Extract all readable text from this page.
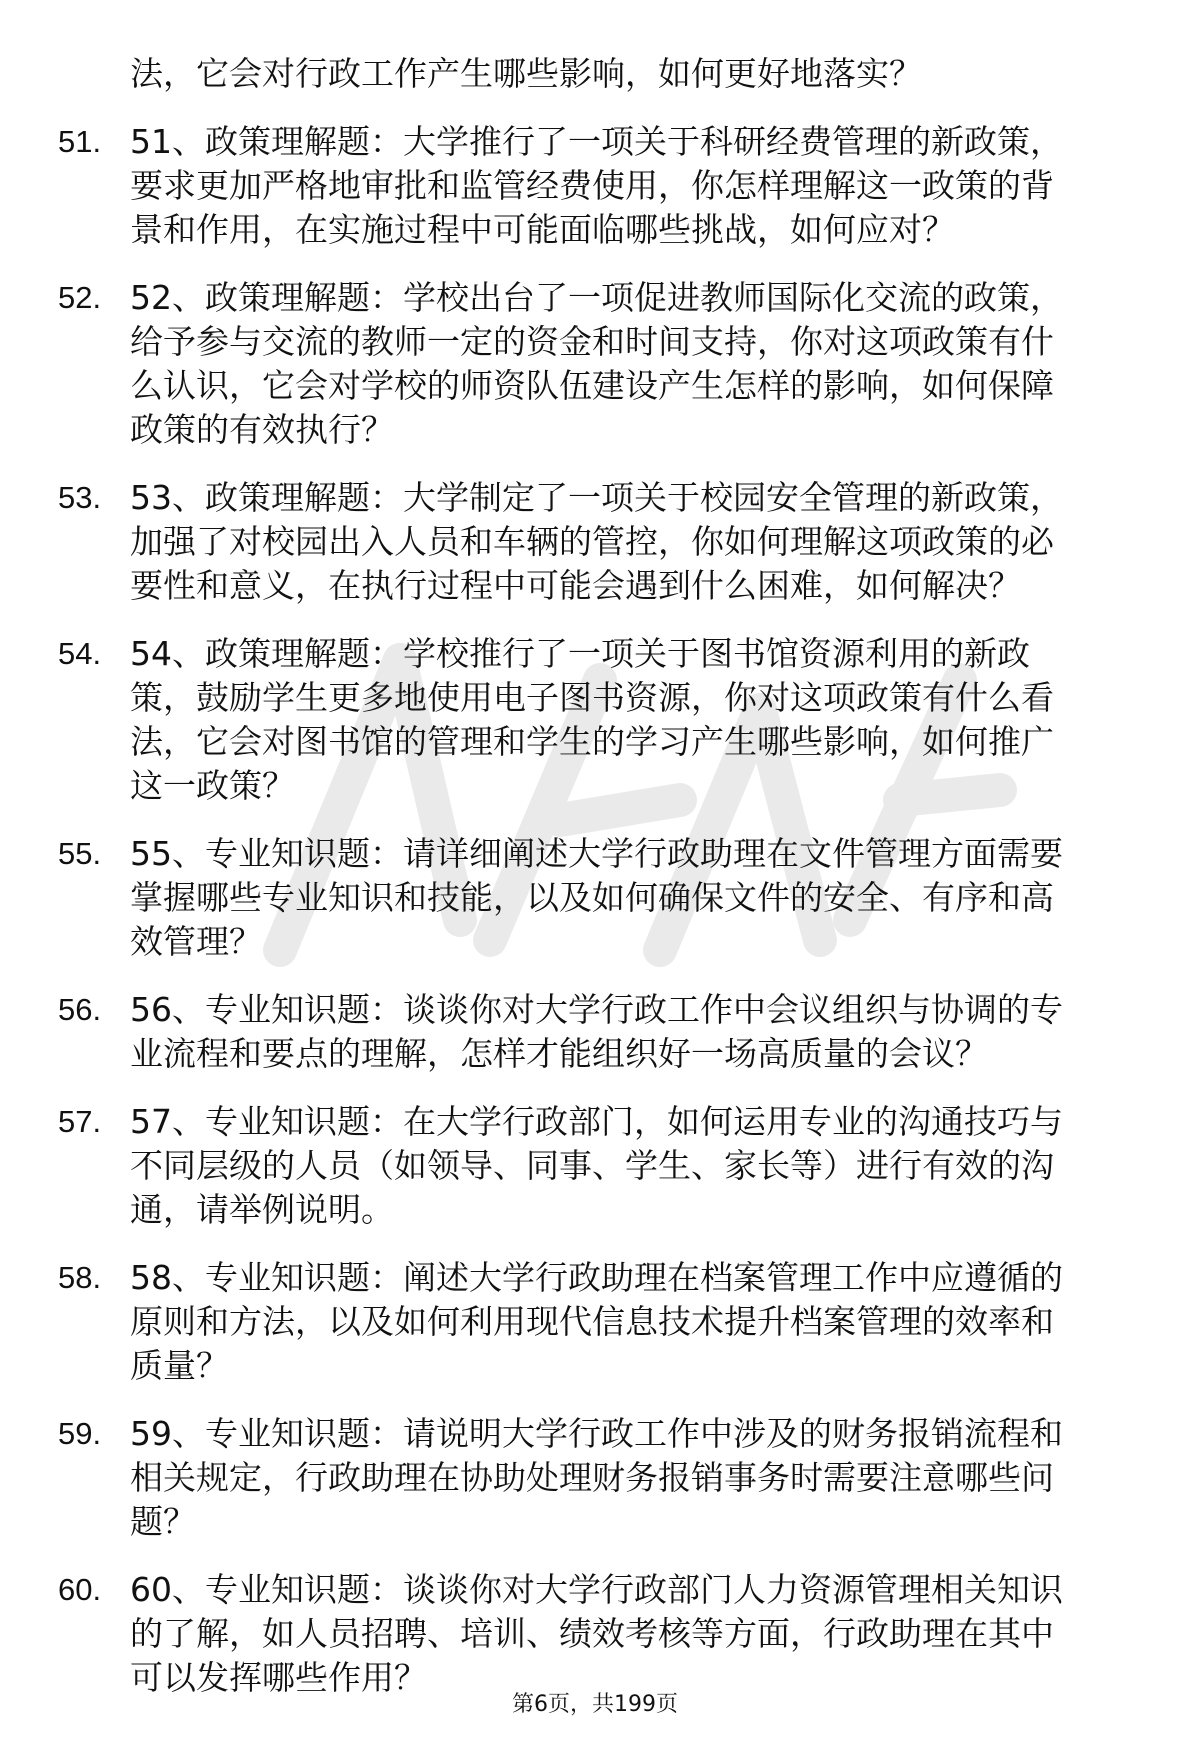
法，它会对行政工作产生哪些影响，如何更好地落实？
51. 51、政策理解题：大学推行了一项关于科研经费管理的新政策，
要求更加严格地审批和监管经费使用，你怎样理解这一政策的背
景和作用，在实施过程中可能面临哪些挑战，如何应对？
52. 52、政策理解题：学校出台了一项促进教师国际化交流的政策，
给予参与交流的教师一定的资金和时间支持，你对这项政策有什
么认识，它会对学校的师资队伍建设产生怎样的影响，如何保障
政策的有效执行？
53. 53、政策理解题：大学制定了一项关于校园安全管理的新政策，
加强了对校园出入人员和车辆的管控，你如何理解这项政策的必
要性和意义，在执行过程中可能会遇到什么困难，如何解决？
54. 54、政策理解题：学校推行了一项关于图书馆资源利用的新政
策，鼓励学生更多地使用电子图书资源，你对这项政策有什么看
法，它会对图书馆的管理和学生的学习产生哪些影响，如何推广
这一政策？
55. 55、专业知识题：请详细阐述大学行政助理在文件管理方面需要
掌握哪些专业知识和技能，以及如何确保文件的安全、有序和高
效管理？
56. 56、专业知识题：谈谈你对大学行政工作中会议组织与协调的专
业流程和要点的理解，怎样才能组织好一场高质量的会议？
57. 57、专业知识题：在大学行政部门，如何运用专业的沟通技巧与
不同层级的人员（如领导、同事、学生、家长等）进行有效的沟
通，请举例说明。
58. 58、专业知识题：阐述大学行政助理在档案管理工作中应遵循的
原则和方法，以及如何利用现代信息技术提升档案管理的效率和
质量？
59. 59、专业知识题：请说明大学行政工作中涉及的财务报销流程和
相关规定，行政助理在协助处理财务报销事务时需要注意哪些问
题？
60. 60、专业知识题：谈谈你对大学行政部门人力资源管理相关知识
的了解，如人员招聘、培训、绩效考核等方面，行政助理在其中
可以发挥哪些作用？
第6页，共199页
